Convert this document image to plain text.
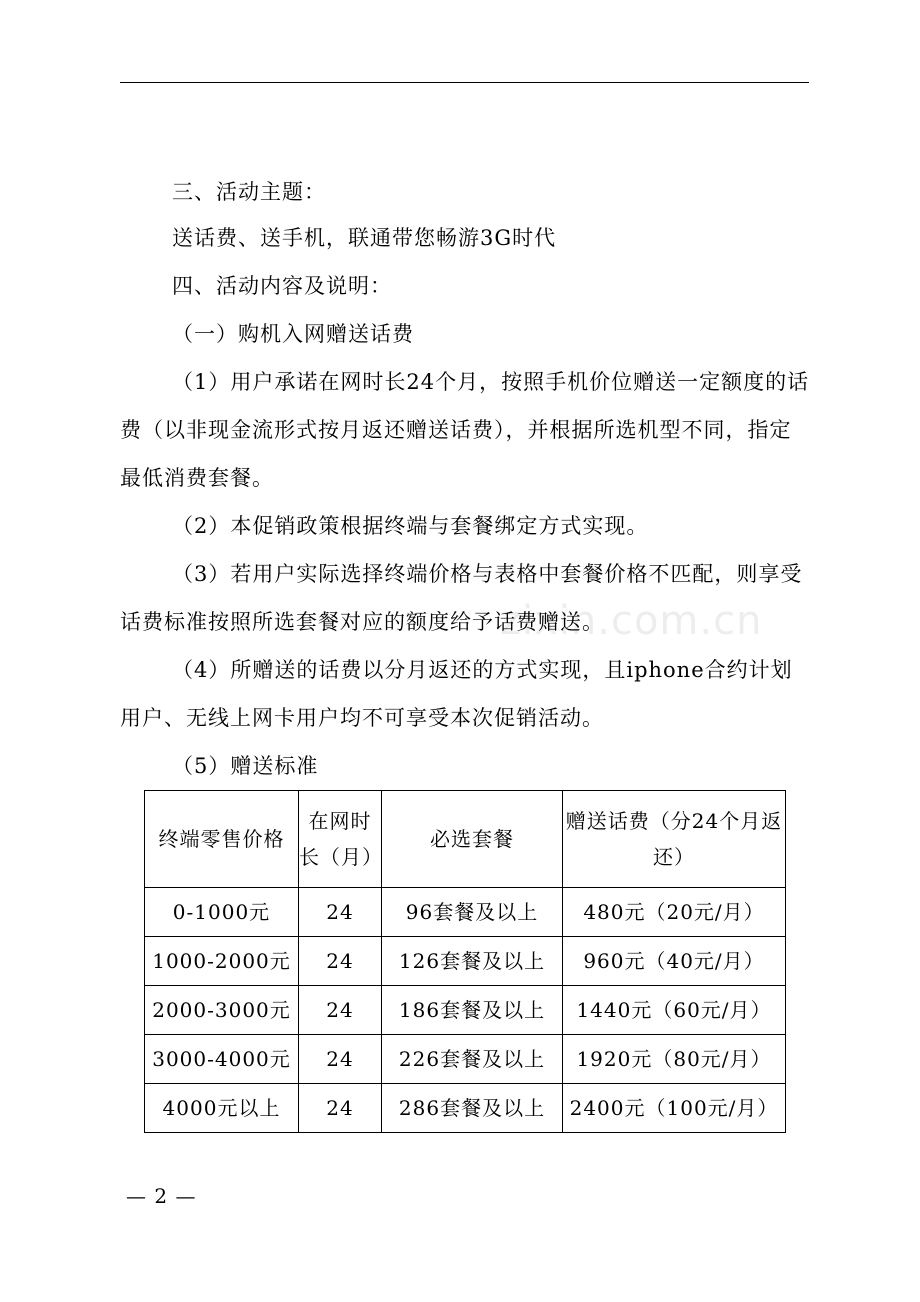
三、活动主题：

送话费、送手机，联通带您畅游3G时代

四、活动内容及说明：

（一）购机入网赠送话费

（1）用户承诺在网时长24个月，按照手机价位赠送一定额度的话费（以非现金流形式按月返还赠送话费），并根据所选机型不同，指定最低消费套餐。

（2）本促销政策根据终端与套餐绑定方式实现。

（3）若用户实际选择终端价格与表格中套餐价格不匹配，则享受话费标准按照所选套餐对应的额度给予话费赠送。

（4）所赠送的话费以分月返还的方式实现，且iphone合约计划用户、无线上网卡用户均不可享受本次促销活动。

（5）赠送标准

zixin.com.cn
终端零售价格	在网时长（月）	必选套餐	赠送话费（分24个月返还）
0-1000元	24	96套餐及以上	480元（20元/月）
1000-2000元	24	126套餐及以上	960元（40元/月）
2000-3000元	24	186套餐及以上	1440元（60元/月）
3000-4000元	24	226套餐及以上	1920元（80元/月）
4000元以上	24	286套餐及以上	2400元（100元/月）
— 2 —
